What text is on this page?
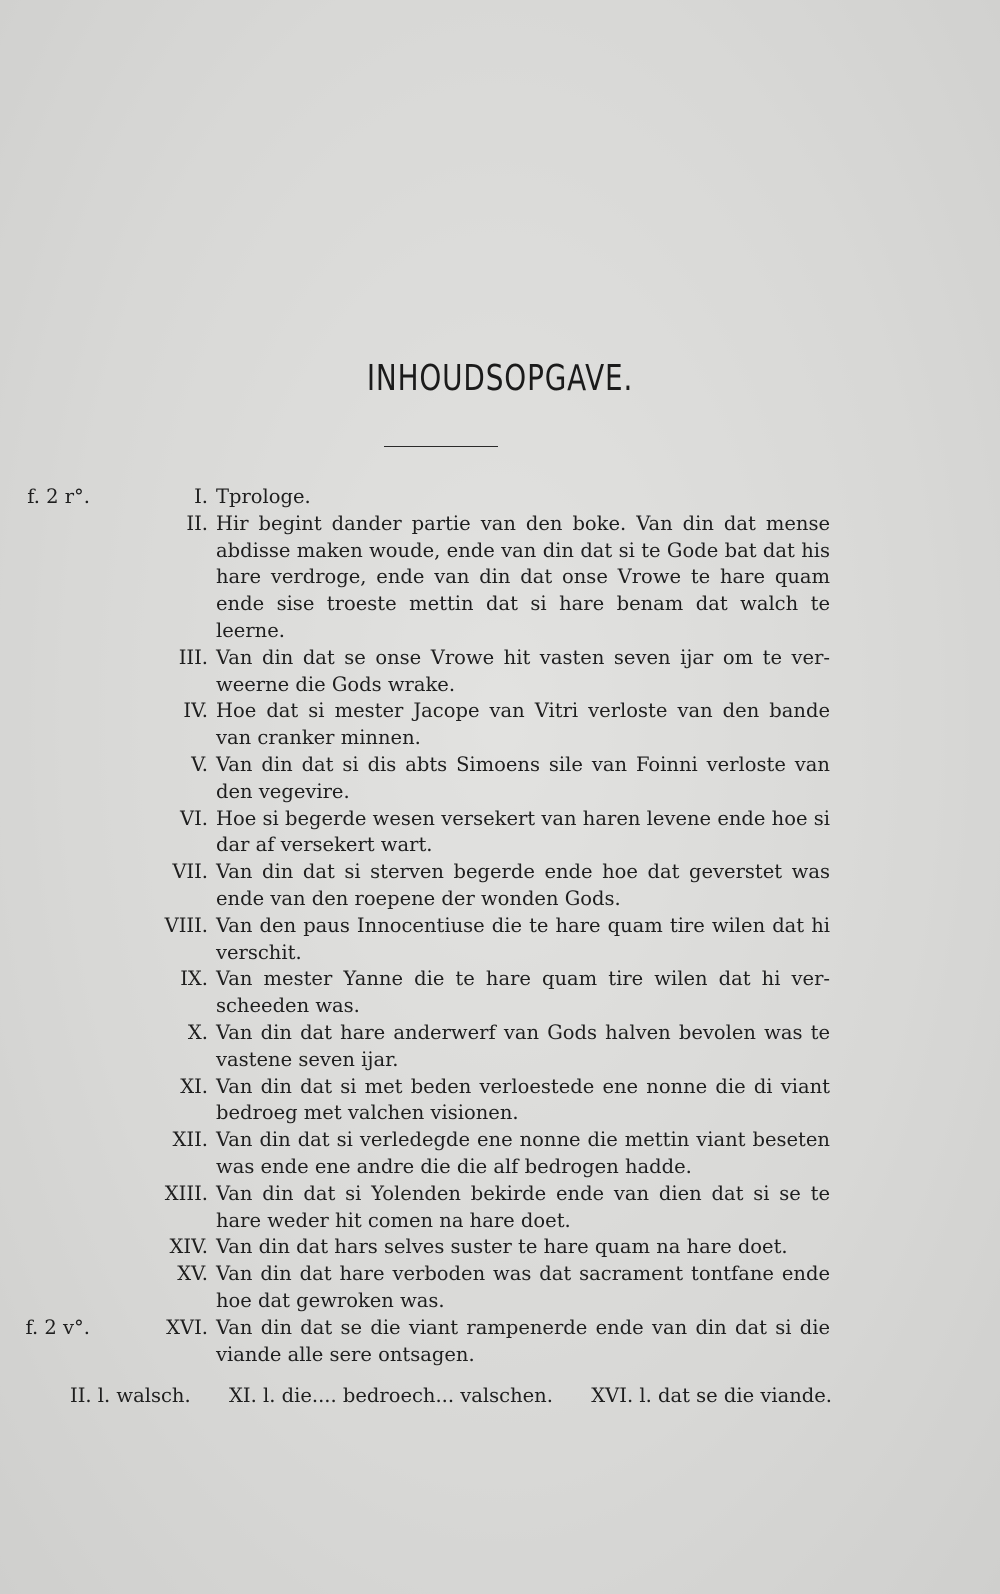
INHOUDSOPGAVE.
f. 2 r°.	I. Tprologe.
II. Hir begint dander partie van den boke. Van din dat mense abdisse maken woude, ende van din dat si te Gode bat dat his hare verdroge, ende van din dat onse Vrowe te hare quam ende sise troeste mettin dat si hare benam dat walch te leerne.
III. Van din dat se onse Vrowe hit vasten seven ijar om te ver- weerne die Gods wrake.
IV. Hoe dat si mester Jacope van Vitri verloste van den bande van cranker minnen.
V. Van din dat si dis abts Simoens sile van Foinni verloste van den vegevire.
VI. Hoe si begerde wesen versekert van haren levene ende hoe si dar af versekert wart.
VII. Van din dat si sterven begerde ende hoe dat geverstet was ende van den roepene der wonden Gods.
VIII. Van den paus Innocentiuse die te hare quam tire wilen dat hi verschit.
IX. Van mester Yanne die te hare quam tire wilen dat hi ver- scheeden was.
X. Van din dat hare anderwerf van Gods halven bevolen was te vastene seven ijar.
XI. Van din dat si met beden verloestede ene nonne die di viant bedroeg met valchen visionen.
XII. Van din dat si verledegde ene nonne die mettin viant beseten was ende ene andre die die alf bedrogen hadde.
XIII. Van din dat si Yolenden bekirde ende van dien dat si se te hare weder hit comen na hare doet.
XIV. Van din dat hars selves suster te hare quam na hare doet.
XV. Van din dat hare verboden was dat sacrament tontfane ende hoe dat gewroken was.
f. 2 v°.	XVI. Van din dat se die viant rampenerde ende van din dat si die viande alle sere ontsagen.
II. l. walsch. XI. l. die.... bedroech... valschen. XVI. l. dat se die viande.
